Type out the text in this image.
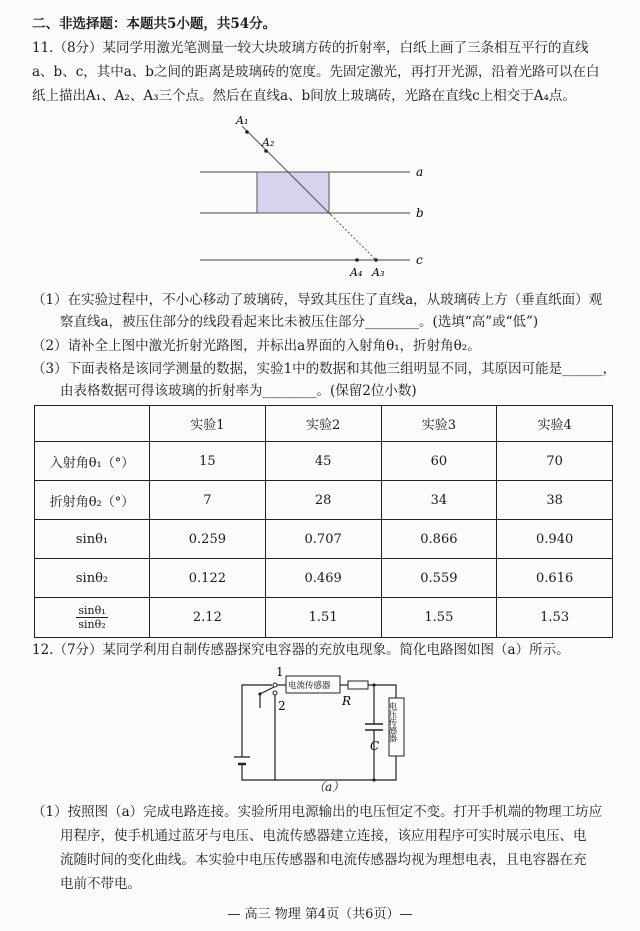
二、非选择题：本题共5小题，共54分。
11.（8分）某同学用激光笔测量一较大块玻璃方砖的折射率，白纸上画了三条相互平行的直线
a、b、c，其中a、b之间的距离是玻璃砖的宽度。先固定激光，再打开光源，沿着光路可以在白
纸上描出A₁、A₂、A₃三个点。然后在直线a、b间放上玻璃砖，光路在直线c上相交于A₄点。
A₁
A₂
A₄ A₃
a
b
c
（1）在实验过程中，不小心移动了玻璃砖，导致其压住了直线a，从玻璃砖上方（垂直纸面）观
察直线a，被压住部分的线段看起来比未被压住部分________。(选填“高”或“低”)
（2）请补全上图中激光折射光路图，并标出a界面的入射角θ₁，折射角θ₂。
（3）下面表格是该同学测量的数据，实验1中的数据和其他三组明显不同，其原因可能是______，
由表格数据可得该玻璃的折射率为________。(保留2位小数)
	实验1	实验2	实验3	实验4
入射角θ₁（°）	15	45	60	70
折射角θ₂（°）	7	28	34	38
sinθ₁	0.259	0.707	0.866	0.940
sinθ₂	0.122	0.469	0.559	0.616

$\frac{\text{sinθ₁}}{\text{sinθ₂}}$	2.12	1.51	1.55	1.53
12.（7分）某同学利用自制传感器探究电容器的充放电现象。简化电路图如图（a）所示。
1
2
电流传感器
R
C
电压传感器
（a）
（1）按照图（a）完成电路连接。实验所用电源输出的电压恒定不变。打开手机端的物理工坊应
用程序，使手机通过蓝牙与电压、电流传感器建立连接，该应用程序可实时展示电压、电
流随时间的变化曲线。本实验中电压传感器和电流传感器均视为理想电表，且电容器在充
电前不带电。
— 高三 物理 第4页（共6页）—
